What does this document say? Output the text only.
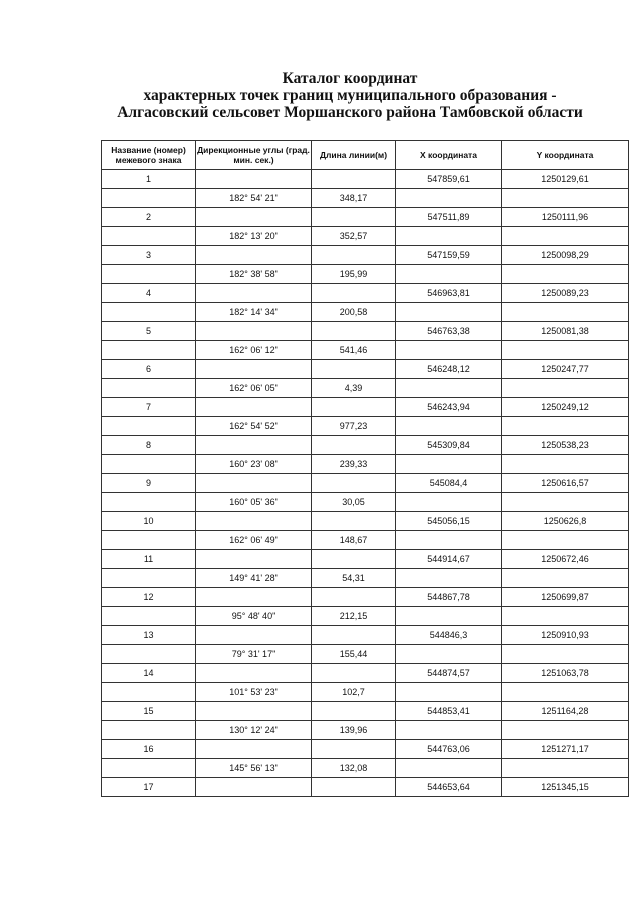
Каталог координат
характерных точек границ муниципального образования -
Алгасовский сельсовет Моршанского района Тамбовской области
Название (номер) межевого знака	Дирекционные углы (град. мин. сек.)	Длина линии(м)	X координата	Y координата
1			547859,61	1250129,61
	182° 54' 21"	348,17		
2			547511,89	1250111,96
	182° 13' 20"	352,57		
3			547159,59	1250098,29
	182° 38' 58"	195,99		
4			546963,81	1250089,23
	182° 14' 34"	200,58		
5			546763,38	1250081,38
	162° 06' 12"	541,46		
6			546248,12	1250247,77
	162° 06' 05"	4,39		
7			546243,94	1250249,12
	162° 54' 52"	977,23		
8			545309,84	1250538,23
	160° 23' 08"	239,33		
9			545084,4	1250616,57
	160° 05' 36"	30,05		
10			545056,15	1250626,8
	162° 06' 49"	148,67		
11			544914,67	1250672,46
	149° 41' 28"	54,31		
12			544867,78	1250699,87
	95° 48' 40"	212,15		
13			544846,3	1250910,93
	79° 31' 17"	155,44		
14			544874,57	1251063,78
	101° 53' 23"	102,7		
15			544853,41	1251164,28
	130° 12' 24"	139,96		
16			544763,06	1251271,17
	145° 56' 13"	132,08		
17			544653,64	1251345,15
